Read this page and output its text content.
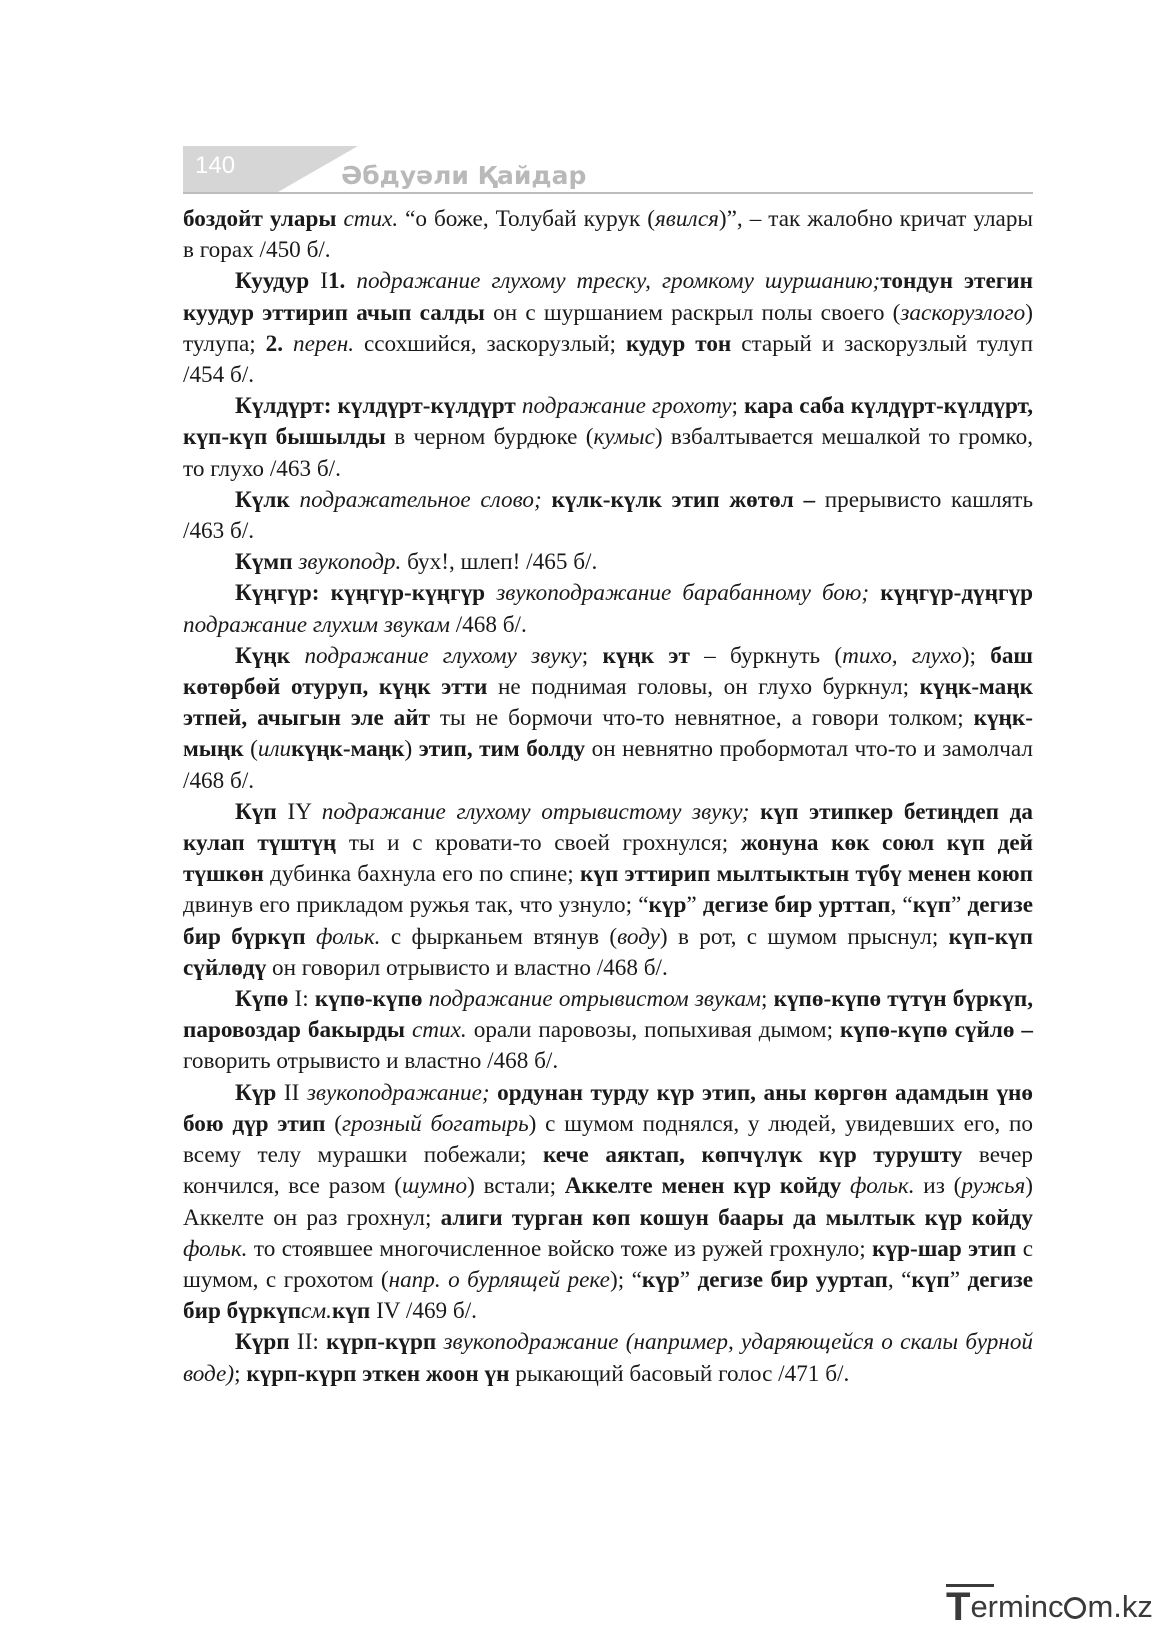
140	Әбдуәли Қайдар

боздойт улары стих. “о боже, Толубай курук (явился)”, – так жалобно кричат улары в горах /450 б/.

Куудур I1. подражание глухому треску, громкому шуршанию;тондун этегин куудур эттирип ачып салды он с шуршанием раскрыл полы своего (заскорузлого) тулупа; 2. перен. ссохшийся, заскорузлый; кудур тон старый и заскорузлый тулуп /454 б/.

Күлдүрт: күлдүрт-күлдүрт подражание грохоту; кара саба күлдүрт-күлдүрт, күп-күп бышылды в черном бурдюке (кумыс) взбалтывается мешалкой то громко, то глухо /463 б/.

Күлк подражательное слово; күлк-күлк этип жөтөл – прерывисто кашлять /463 б/.

Күмп звукоподр. бух!, шлеп! /465 б/.

Күңгүр: күңгүр-күңгүр звукоподражание барабанному бою; күңгүр-дүңгүр подражание глухим звукам /468 б/.

Күңк подражание глухому звуку; күңк эт – буркнуть (тихо, глухо); баш көтөрбөй отуруп, күңк этти не поднимая головы, он глухо буркнул; күңк-маңк этпей, ачыгын эле айт ты не бормочи что-то невнятное, а говори толком; күңк-мыңк (иликүңк-маңк) этип, тим болду он невнятно пробормотал что-то и замолчал /468 б/.

Күп IY подражание глухому отрывистому звуку; күп этипкер бетиңдеп да кулап түштүң ты и с кровати-то своей грохнулся; жонуна көк союл күп дей түшкөн дубинка бахнула его по спине; күп эттирип мылтыктын түбү менен коюп двинув его прикладом ружья так, что узнуло; “күр” дегизе бир урттап, “күп” дегизе бир бүркүп фольк. с фырканьем втянув (воду) в рот, с шумом прыснул; күп-күп сүйлөдү он говорил отрывисто и властно /468 б/.

Күпө I: күпө-күпө подражание отрывистом звукам; күпө-күпө түтүн бүркүп, паровоздар бакырды стих. орали паровозы, попыхивая дымом; күпө-күпө сүйлө – говорить отрывисто и властно /468 б/.

Күр II звукоподражание; ордунан турду күр этип, аны көргөн адамдын үнө бою дүр этип (грозный богатырь) с шумом поднялся, у людей, увидевших его, по всему телу мурашки побежали; кече аяктап, көпчүлүк күр турушту вечер кончился, все разом (шумно) встали; Аккелте менен күр койду фольк. из (ружья) Аккелте он раз грохнул; алиги турган көп кошун баары да мылтык күр койду фольк. то стоявшее многочисленное войско тоже из ружей грохнуло; күр-шар этип с шумом, с грохотом (напр. о бурлящей реке); “күр” дегизе бир ууртап, “күп” дегизе бир бүркүпсм.күп IV /469 б/.

Күрп II: күрп-күрп звукоподражание (например, ударяющейся о скалы бурной воде); күрп-күрп эткен жоон үн рыкающий басовый голос /471 б/.

Terminc m.kz
